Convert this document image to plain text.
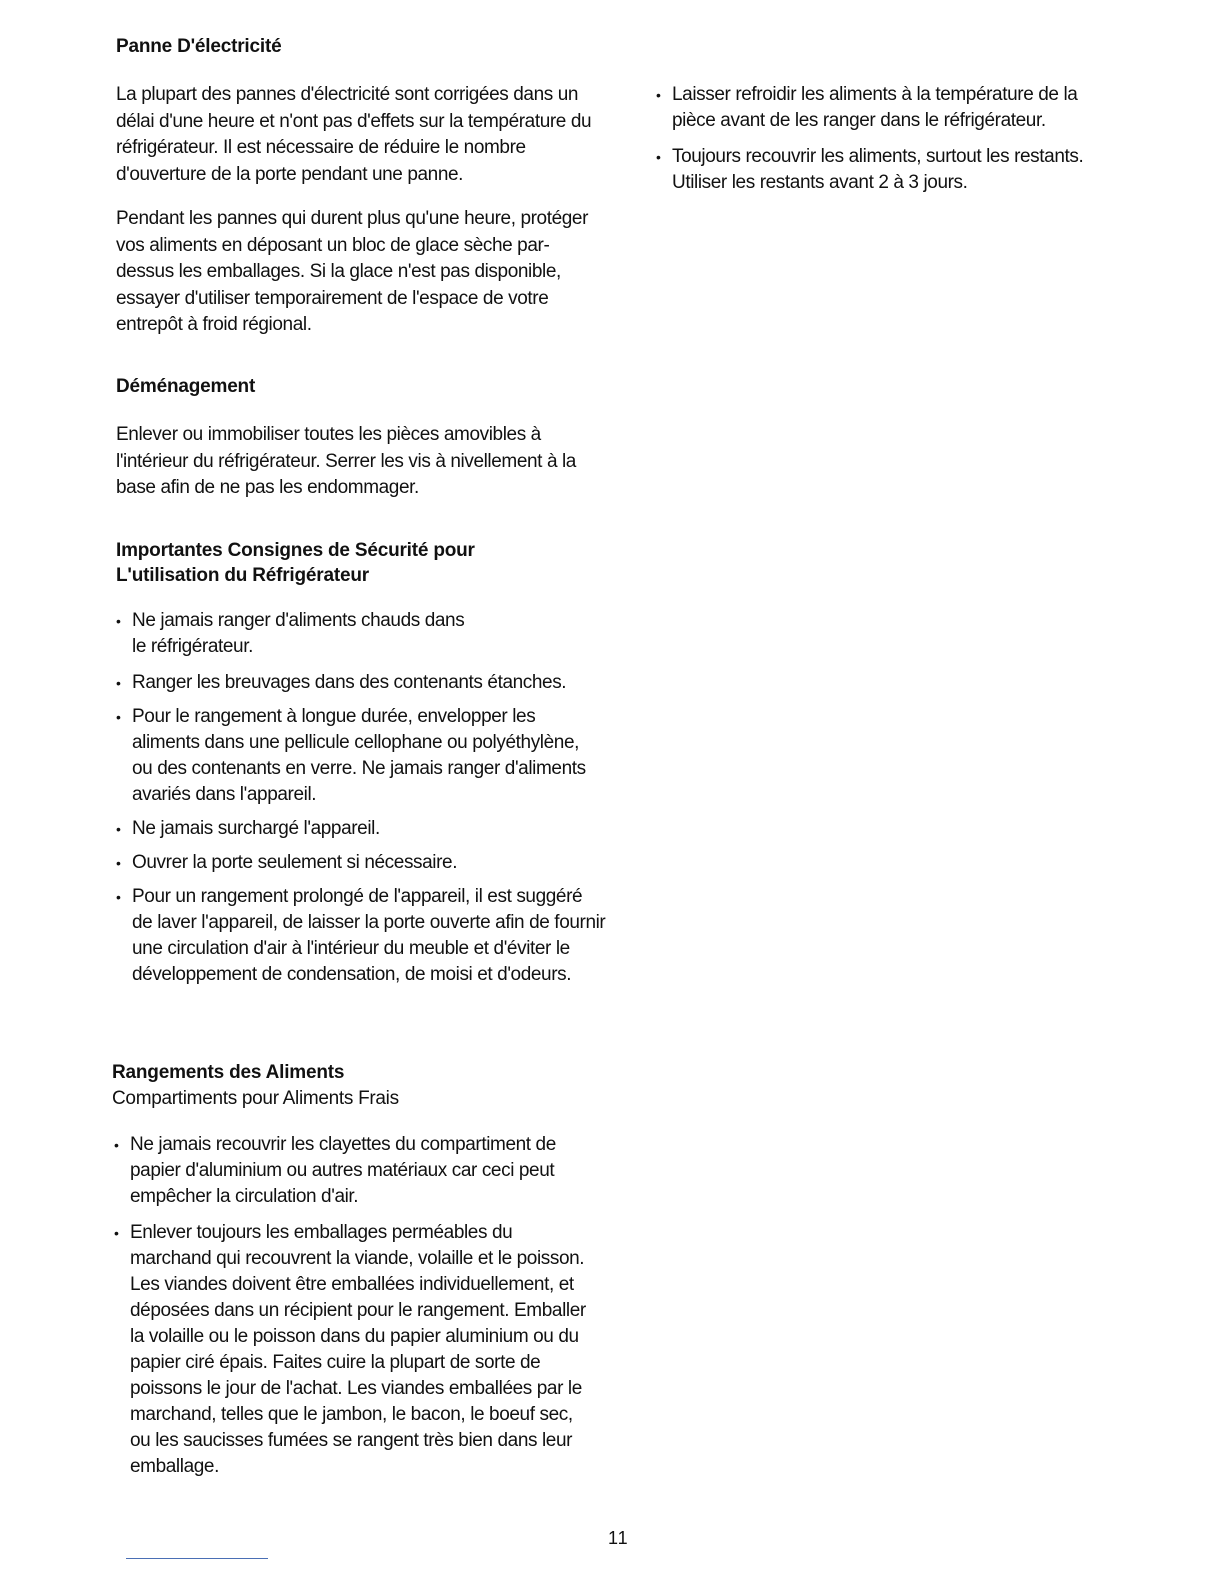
Panne D'électricité

La plupart des pannes d'électricité sont corrigées dans un délai d'une heure et n'ont pas d'effets sur la température du réfrigérateur. Il est nécessaire de réduire le nombre d'ouverture de la porte pendant une panne.

Pendant les pannes qui durent plus qu'une heure, protéger vos aliments en déposant un bloc de glace sèche par-dessus les emballages. Si la glace n'est pas disponible, essayer d'utiliser temporairement de l'espace de votre entrepôt à froid régional.

Déménagement

Enlever ou immobiliser toutes les pièces amovibles à l'intérieur du réfrigérateur. Serrer les vis à nivellement à la base afin de ne pas les endommager.

Importantes Consignes de Sécurité pour
L'utilisation du Réfrigérateur
• Ne jamais ranger d'aliments chauds dans le réfrigérateur.
• Ranger les breuvages dans des contenants étanches.
• Pour le rangement à longue durée, envelopper les aliments dans une pellicule cellophane ou polyéthylène, ou des contenants en verre. Ne jamais ranger d'aliments avariés dans l'appareil.
• Ne jamais surchargé l'appareil.
• Ouvrer la porte seulement si nécessaire.
• Pour un rangement prolongé de l'appareil, il est suggéré de laver l'appareil, de laisser la porte ouverte afin de fournir une circulation d'air à l'intérieur du meuble et d'éviter le développement de condensation, de moisi et d'odeurs.
Rangements des Aliments

Compartiments pour Aliments Frais

• Ne jamais recouvrir les clayettes du compartiment de papier d'aluminium ou autres matériaux car ceci peut empêcher la circulation d'air.
• Enlever toujours les emballages perméables du marchand qui recouvrent la viande, volaille et le poisson. Les viandes doivent être emballées individuellement, et déposées dans un récipient pour le rangement. Emballer la volaille ou le poisson dans du papier aluminium ou du papier ciré épais. Faites cuire la plupart de sorte de poissons le jour de l'achat. Les viandes emballées par le marchand, telles que le jambon, le bacon, le boeuf sec, ou les saucisses fumées se rangent très bien dans leur emballage.
• Laisser refroidir les aliments à la température de la pièce avant de les ranger dans le réfrigérateur.
• Toujours recouvrir les aliments, surtout les restants. Utiliser les restants avant 2 à 3 jours.
11
